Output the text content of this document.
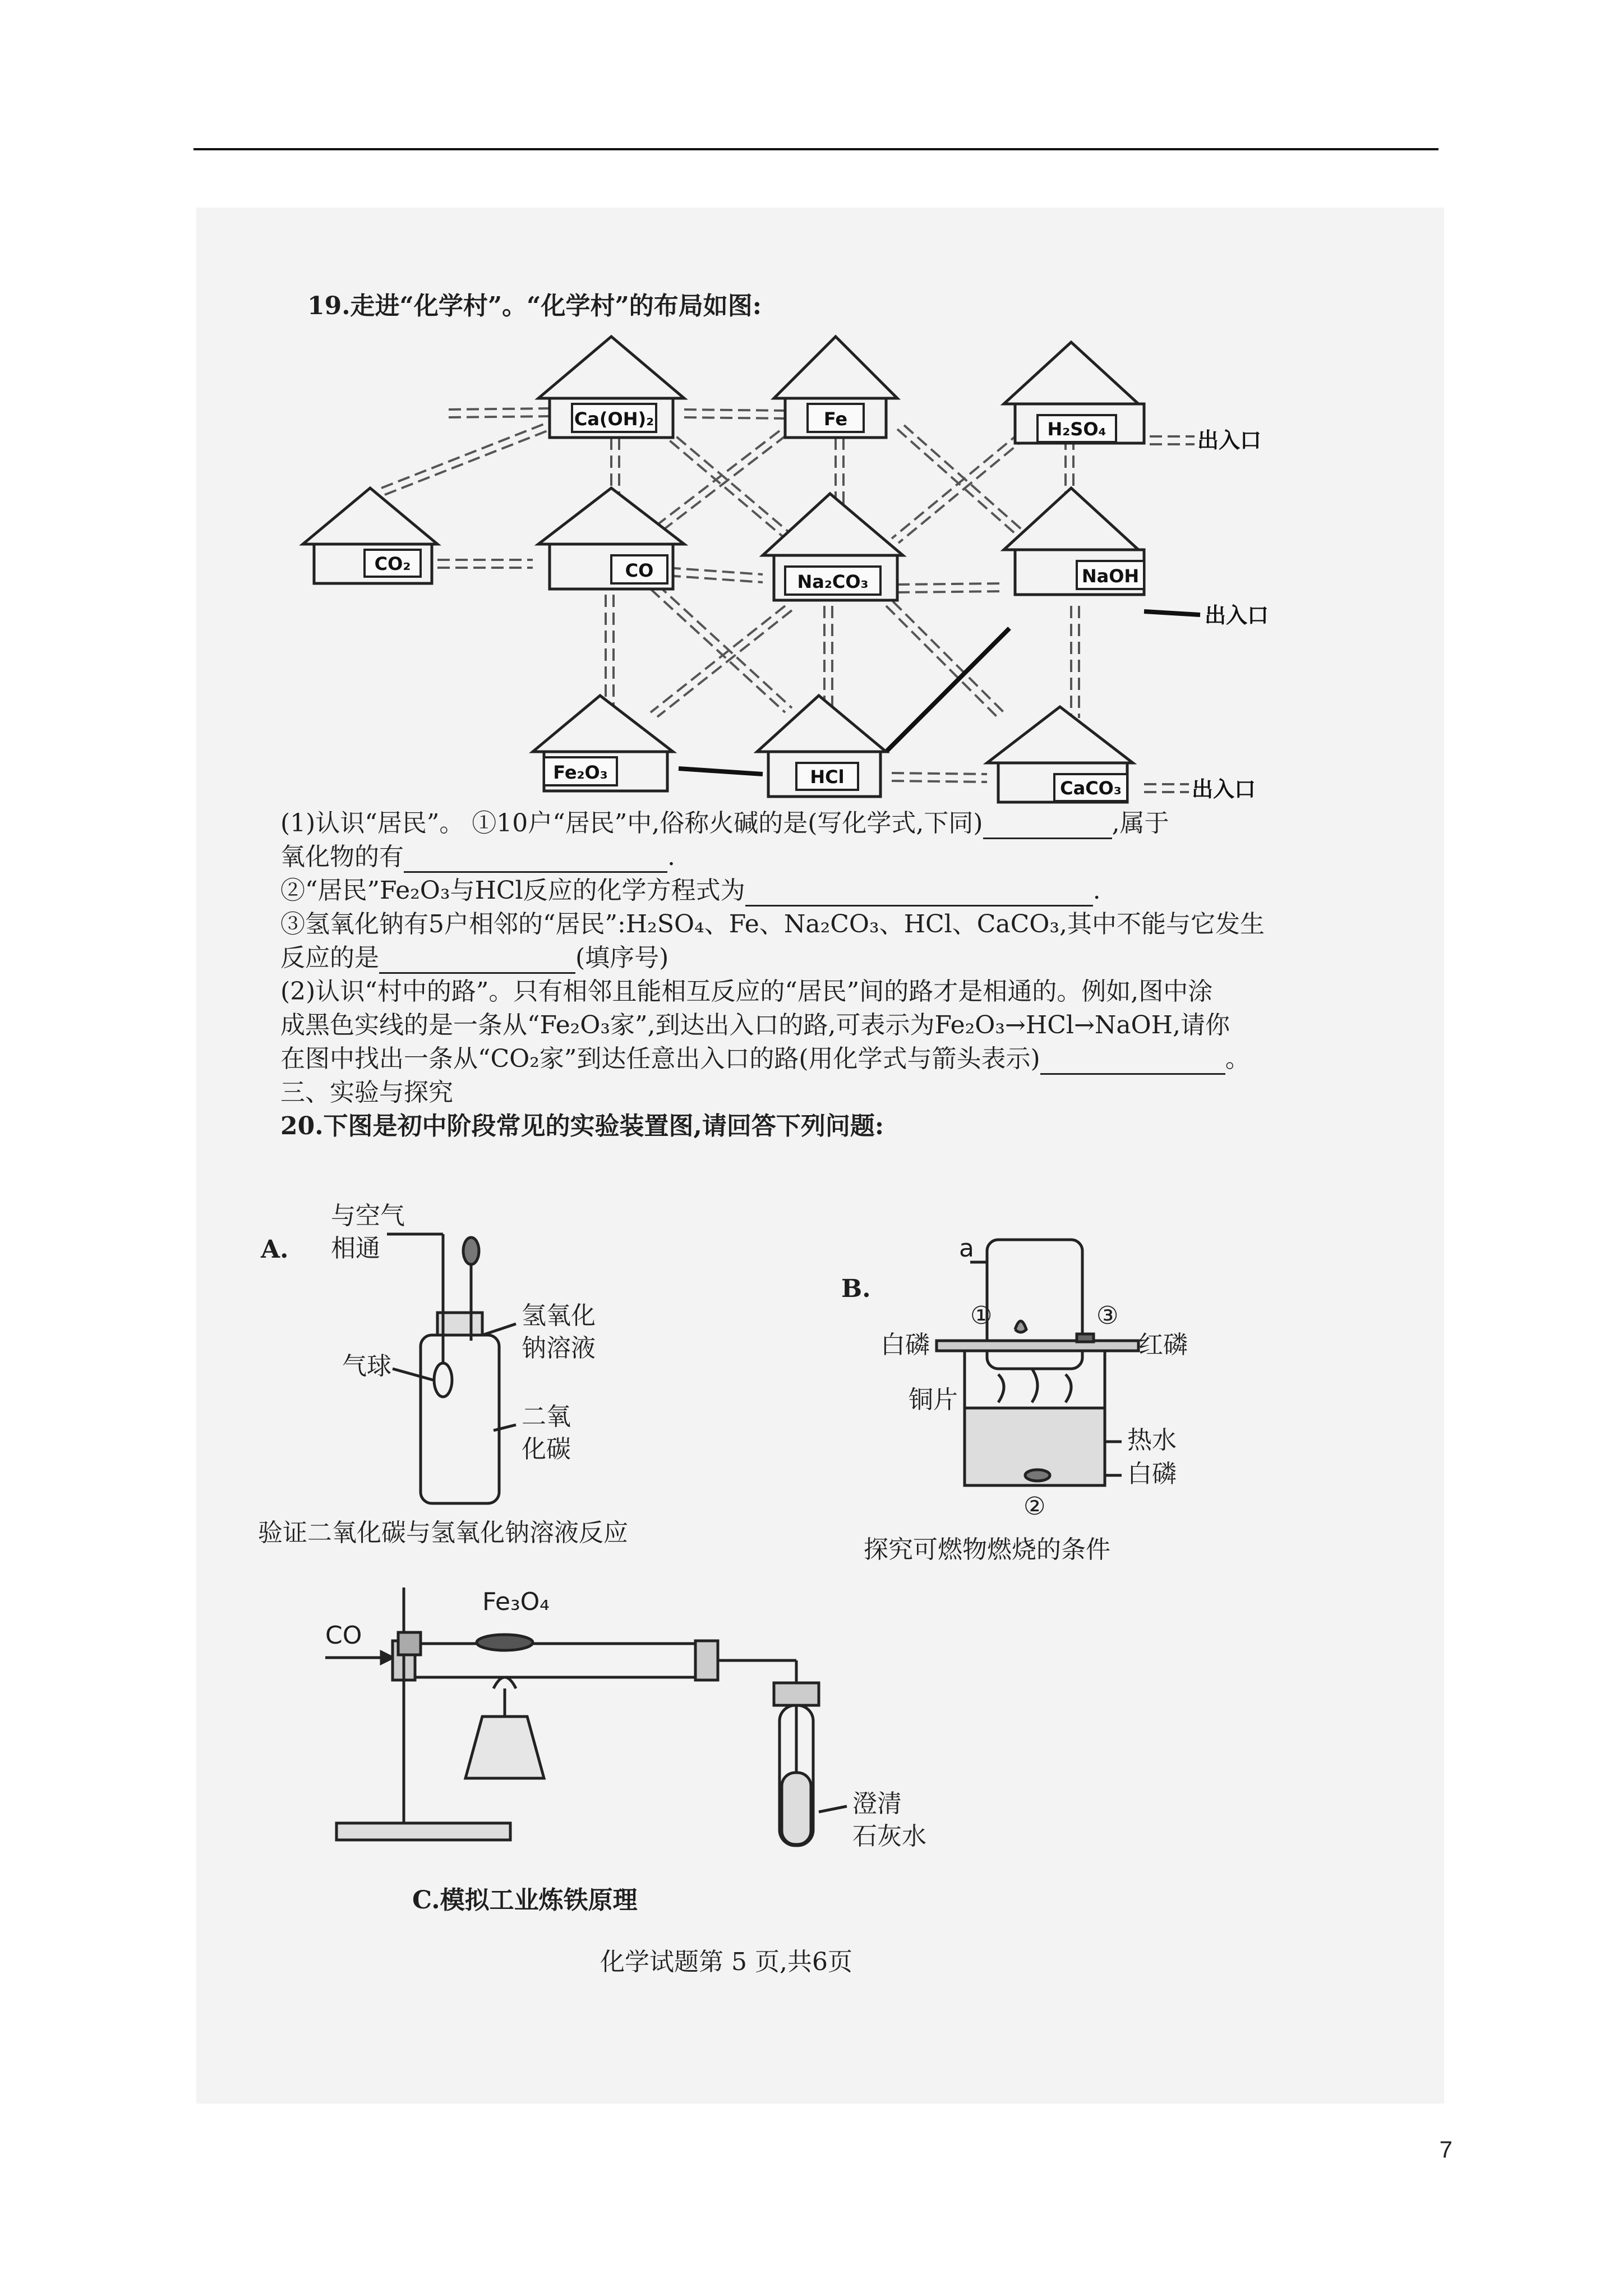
19.走进“化学村”。“化学村”的布局如图:
Ca(OH)₂	Fe	H₂SO₄
CO₂	CO
Na₂CO₃	NaOH
Fe₂O₃	HCl
CaCO₃
出入口
出入口
出入口
(1)认识“居民”。 ①10户“居民”中,俗称火碱的是(写化学式,下同)	,属于
氧化物的有	.
②“居民”Fe₂O₃与HCl反应的化学方程式为	.
③氢氧化钠有5户相邻的“居民”:H₂SO₄、Fe、Na₂CO₃、HCl、CaCO₃,其中不能与它发生
反应的是	(填序号)
(2)认识“村中的路”。只有相邻且能相互反应的“居民”间的路才是相通的。例如,图中涂
成黑色实线的是一条从“Fe₂O₃家”,到达出入口的路,可表示为Fe₂O₃→HCl→NaOH,请你
在图中找出一条从“CO₂家”到达任意出入口的路(用化学式与箭头表示)	。
三、实验与探究
20.下图是初中阶段常见的实验装置图,请回答下列问题:
A.
与空气
相通
氢氧化
钠溶液
气球
二氧
化碳
验证二氧化碳与氢氧化钠溶液反应
B.
a
①	③
②
白磷	红磷
铜片
热水
白磷
探究可燃物燃烧的条件
CO
Fe₃O₄
澄清
石灰水
C.模拟工业炼铁原理
化学试题第 5 页,共6页
7
